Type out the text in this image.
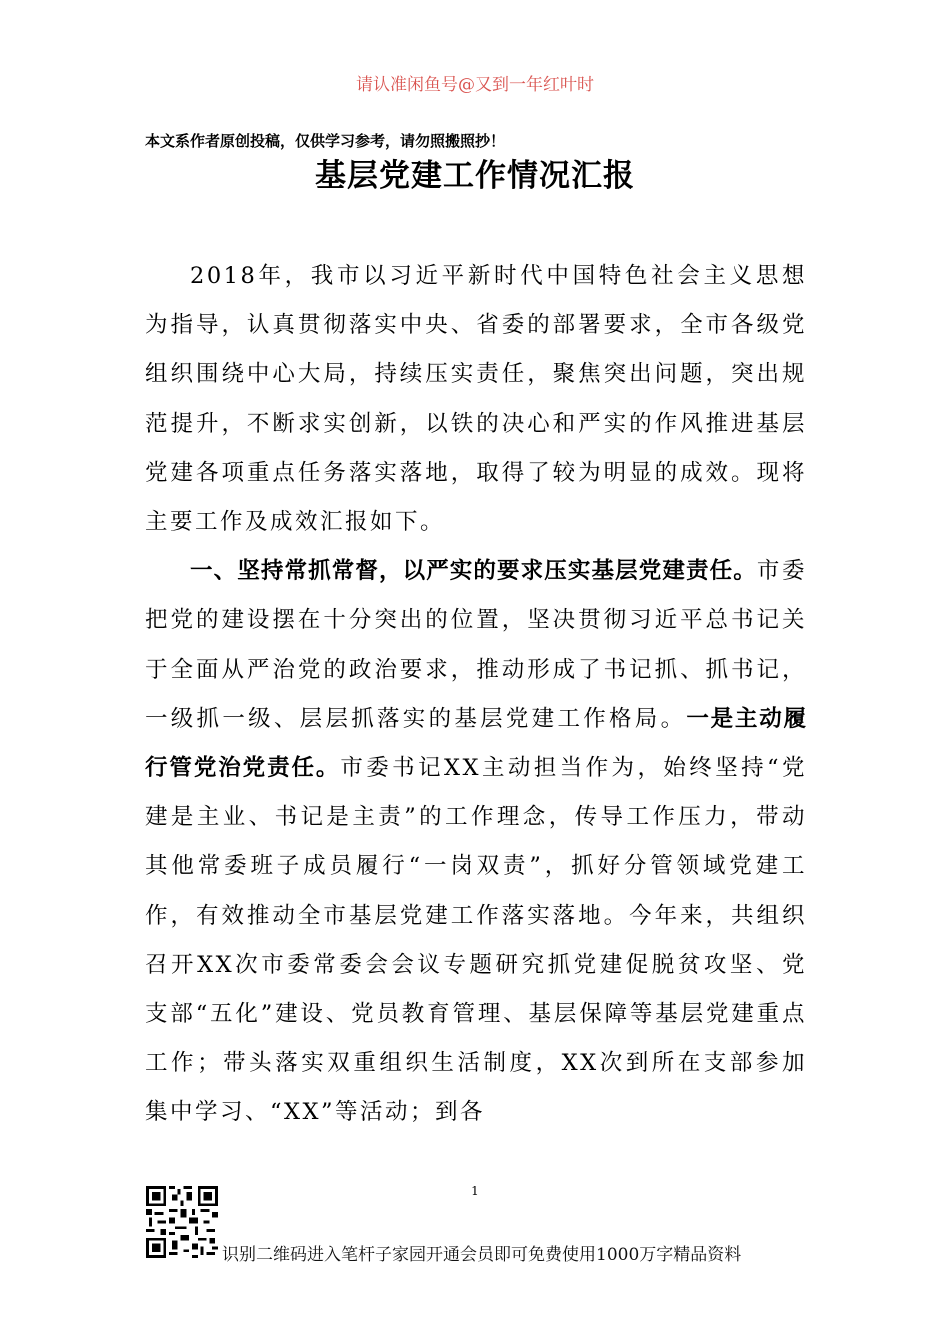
请认准闲鱼号@又到一年红叶时
本文系作者原创投稿，仅供学习参考，请勿照搬照抄！
基层党建工作情况汇报

2018年，我市以习近平新时代中国特色社会主义思想为指导，认真贯彻落实中央、省委的部署要求，全市各级党组织围绕中心大局，持续压实责任，聚焦突出问题，突出规范提升，不断求实创新，以铁的决心和严实的作风推进基层党建各项重点任务落实落地，取得了较为明显的成效。现将主要工作及成效汇报如下。

一、坚持常抓常督，以严实的要求压实基层党建责任。市委把党的建设摆在十分突出的位置，坚决贯彻习近平总书记关于全面从严治党的政治要求，推动形成了书记抓、抓书记，一级抓一级、层层抓落实的基层党建工作格局。一是主动履行管党治党责任。市委书记XX主动担当作为，始终坚持“党建是主业、书记是主责”的工作理念，传导工作压力，带动其他常委班子成员履行“一岗双责”，抓好分管领域党建工作，有效推动全市基层党建工作落实落地。今年来，共组织召开XX次市委常委会会议专题研究抓党建促脱贫攻坚、党支部“五化”建设、党员教育管理、基层保障等基层党建重点工作；带头落实双重组织生活制度，XX次到所在支部参加集中学习、“XX”等活动；到各

1
识别二维码进入笔杆子家园开通会员即可免费使用1000万字精品资料
